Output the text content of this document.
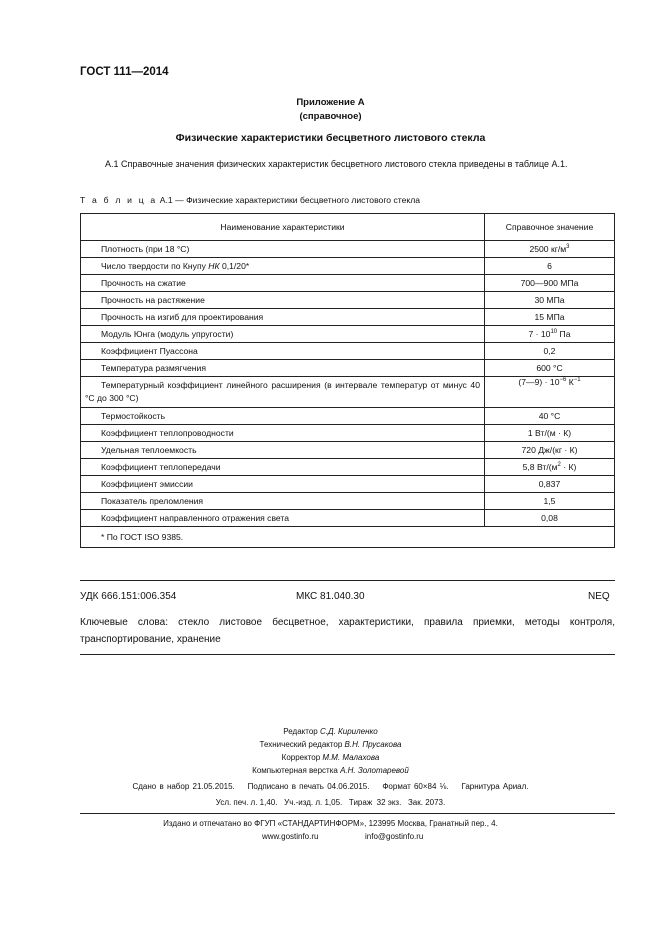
ГОСТ 111—2014
Приложение А
(справочное)
Физические характеристики бесцветного листового стекла
А.1 Справочные значения физических характеристик бесцветного листового стекла приведены в таблице А.1.
Т а б л и ц а А.1 — Физические характеристики бесцветного листового стекла
Наименование характеристики	Справочное значение
Плотность (при 18 °С)	2500 $кг/м^3$
Число твердости по Кнупу НК 0,1/20*	6
Прочность на сжатие	700—900 МПа
Прочность на растяжение	30 МПа
Прочность на изгиб для проектирования	15 МПа
Модуль Юнга (модуль упругости)	$7 \cdot 10^{10}$ Па
Коэффициент Пуассона	0,2
Температура размягчения	600 °С
Температурный коэффициент линейного расширения (в интервале температур от минус 40 °С до 300 °С)	(7—9) · $10^{-6}$ $К^{-1}$
Термостойкость	40 °С
Коэффициент теплопроводности	1 Вт/(м · К)
Удельная теплоемкость	720 Дж/(кг · К)
Коэффициент теплопередачи	5,8 $Вт/(м^2 \cdot К)$
Коэффициент эмиссии	0,837
Показатель преломления	1,5
Коэффициент направленного отражения света	0,08
* По ГОСТ ISO 9385.	
УДК 666.151:006.354	МКС 81.040.30	NEQ
Ключевые слова: стекло листовое бесцветное, характеристики, правила приемки, методы контроля, транспортирование, хранение
Редактор С.Д. Кириленко
Технический редактор В.Н. Прусакова
Корректор М.М. Малахова
Компьютерная верстка А.Н. Золотаревой
Сдано в набор 21.05.2015. Подписано в печать 04.06.2015. Формат 60×84 ⅛. Гарнитура Ариал.
Усл. печ. л. 1,40.   Уч.-изд. л. 1,05.   Тираж  32 экз.   Зак. 2073.
Издано и отпечатано во ФГУП «СТАНДАРТИНФОРМ», 123995 Москва, Гранатный пер., 4.
www.gostinfo.ru	info@gostinfo.ru
